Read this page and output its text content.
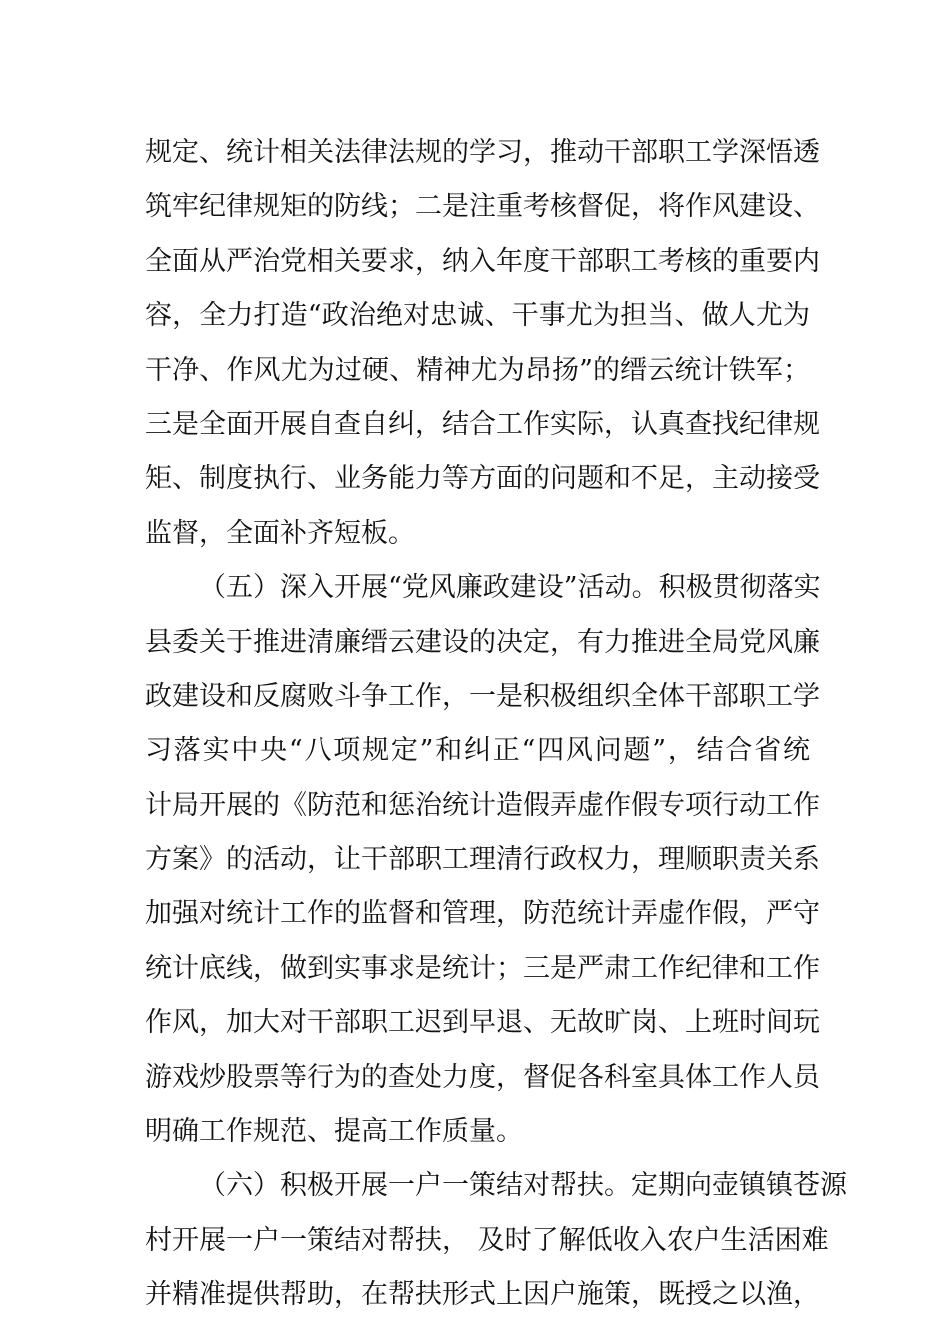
规定、统计相关法律法规的学习，推动干部职工学深悟透
筑牢纪律规矩的防线；二是注重考核督促，将作风建设、
全面从严治党相关要求，纳入年度干部职工考核的重要内
容，全力打造“政治绝对忠诚、干事尤为担当、做人尤为
干净、作风尤为过硬、精神尤为昂扬”的缙云统计铁军；
三是全面开展自查自纠，结合工作实际，认真查找纪律规
矩、制度执行、业务能力等方面的问题和不足，主动接受
监督，全面补齐短板。
（五）深入开展“党风廉政建设”活动。积极贯彻落实
县委关于推进清廉缙云建设的决定，有力推进全局党风廉
政建设和反腐败斗争工作，一是积极组织全体干部职工学
习落实中央“八项规定”和纠正“四风问题”，结合省统
计局开展的《防范和惩治统计造假弄虚作假专项行动工作
方案》的活动，让干部职工理清行政权力，理顺职责关系
加强对统计工作的监督和管理，防范统计弄虚作假，严守
统计底线，做到实事求是统计；三是严肃工作纪律和工作
作风，加大对干部职工迟到早退、无故旷岗、上班时间玩
游戏炒股票等行为的查处力度，督促各科室具体工作人员
明确工作规范、提高工作质量。
（六）积极开展一户一策结对帮扶。定期向壶镇镇苍源
村开展一户一策结对帮扶， 及时了解低收入农户生活困难
并精准提供帮助，在帮扶形式上因户施策，既授之以渔，
